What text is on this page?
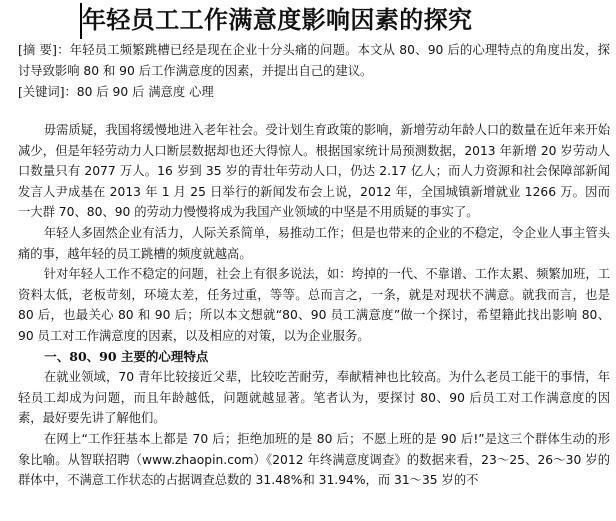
年轻员工工作满意度影响因素的探究
[摘 要]：年轻员工频繁跳槽已经是现在企业十分头痛的问题。本文从 80、90 后的心理特点的角度出发，探讨导致影响 80 和 90 后工作满意度的因素，并提出自己的建议。
[关键词]：80 后 90 后 满意度 心理

毋需质疑，我国将缓慢地进入老年社会。受计划生育政策的影响，新增劳动年龄人口的数量在近年来开始减少，但是年轻劳动力人口断层数据却也还大得惊人。根据国家统计局预测数据，2013 年新增 20 岁劳动人口数量只有 2077 万人。16 岁到 35 岁的青壮年劳动人口，仍达 2.17 亿人；而人力资源和社会保障部新闻发言人尹成基在 2013 年 1 月 25 日举行的新闻发布会上说，2012 年，全国城镇新增就业 1266 万。因而一大群 70、80、90 的劳动力慢慢将成为我国产业领域的中坚是不用质疑的事实了。

年轻人多固然企业有活力，人际关系简单，易推动工作；但是也带来的企业的不稳定，令企业人事主管头痛的事，越年轻的员工跳槽的频度就越高。

针对年轻人工作不稳定的问题，社会上有很多说法，如：垮掉的一代、不靠谱、工作太累、频繁加班，工资料太低，老板苛刻，环境太差，任务过重，等等。总而言之，一条，就是对现状不满意。就我而言，也是 80 后，也最关心 80 和 90 后；所以本文想就“80、90 员工满意度”做一个探讨，希望籍此找出影响 80、90 员工对工作满意度的因素，以及相应的对策，以为企业服务。

一、80、90 主要的心理特点

在就业领域，70 青年比较接近父辈，比较吃苦耐劳，奉献精神也比较高。为什么老员工能干的事情，年轻员工却成为问题，而且年龄越低，问题就越显著。笔者认为，要探讨 80、90 后员工对工作满意度的因素，最好要先讲了解他们。

在网上“工作狂基本上都是 70 后；拒绝加班的是 80 后；不愿上班的是 90 后!”是这三个群体生动的形象比喻。从智联招聘（www.zhaopin.com）《2012 年终满意度调查》的数据来看，23～25、26～30 岁的群体中，不满意工作状态的占据调查总数的 31.48%和 31.94%，而 31～35 岁的不
